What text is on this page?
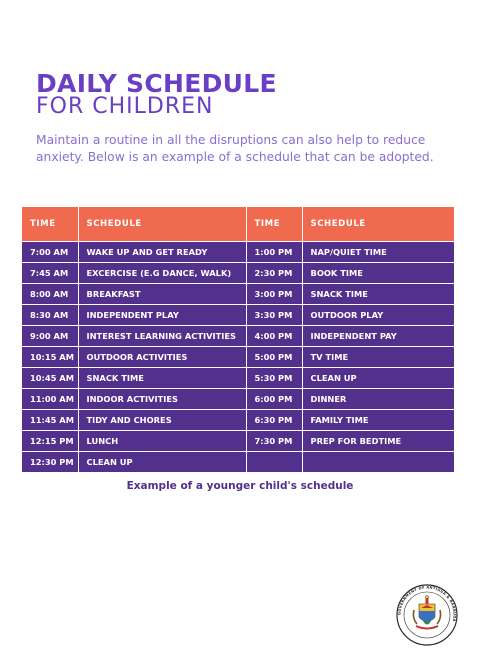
DAILY SCHEDULE
FOR CHILDREN

Maintain a routine in all the disruptions can also help to reduce anxiety. Below is an example of a schedule that can be adopted.

TIME	SCHEDULE	TIME	SCHEDULE
7:00 AM	WAKE UP AND GET READY	1:00 PM	NAP/QUIET TIME
7:45 AM	EXCERCISE (E.G DANCE, WALK)	2:30 PM	BOOK TIME
8:00 AM	BREAKFAST	3:00 PM	SNACK TIME
8:30 AM	INDEPENDENT PLAY	3:30 PM	OUTDOOR PLAY
9:00 AM	INTEREST LEARNING ACTIVITIES	4:00 PM	INDEPENDENT PAY
10:15 AM	OUTDOOR ACTIVITIES	5:00 PM	TV TIME
10:45 AM	SNACK TIME	5:30 PM	CLEAN UP
11:00 AM	INDOOR ACTIVITIES	6:00 PM	DINNER
11:45 AM	TIDY AND CHORES	6:30 PM	FAMILY TIME
12:15 PM	LUNCH	7:30 PM	PREP FOR BEDTIME
12:30 PM	CLEAN UP		

Example of a younger child's schedule

GOVERNMENT OF ANTIGUA & BARBUDA
